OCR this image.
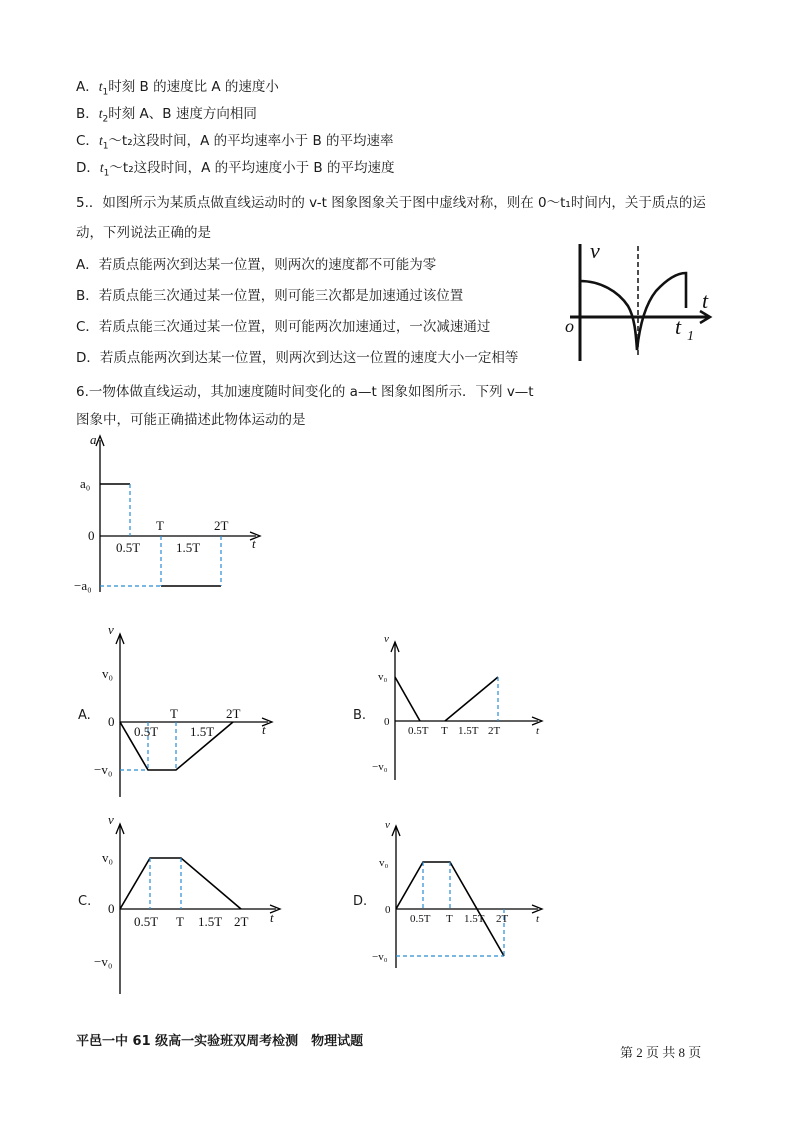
A．$t_1$时刻 B 的速度比 A 的速度小
B．$t_2$时刻 A、B 速度方向相同
C．$t_1\sim t_2$这段时间，A 的平均速率小于 B 的平均速率
D．$t_1\sim t_2$这段时间，A 的平均速度小于 B 的平均速度
5.．如图所示为某质点做直线运动时的 v-t 图象图象关于图中虚线对称，则在 0～t₁时间内，关于质点的运
动，下列说法正确的是
A．若质点能两次到达某一位置，则两次的速度都不可能为零
B．若质点能三次通过某一位置，则可能三次都是加速通过该位置
C．若质点能三次通过某一位置，则可能两次加速通过，一次减速通过
D．若质点能两次到达某一位置，则两次到达这一位置的速度大小一定相等
v
t
o	t 1
6.一物体做直线运动，其加速度随时间变化的 a—t 图象如图所示．下列 v—t
图象中，可能正确描述此物体运动的是
a
t
0
a₀
−a₀
0.5T
T
1.5T
2T
A.	B.
C.	D.
v
t
0
v₀
−v₀
0.5T
T
1.5T
2T
v
t
0
v₀
−v₀
0.5T T 1.5T 2T
v
t
0
v₀
−v₀
0.5T T 1.5T 2T
v
t
0
v₀
−v₀
0.5T T 1.5T 2T
平邑一中 61 级高一实验班双周考检测　物理试题
第 2 页 共 8 页
